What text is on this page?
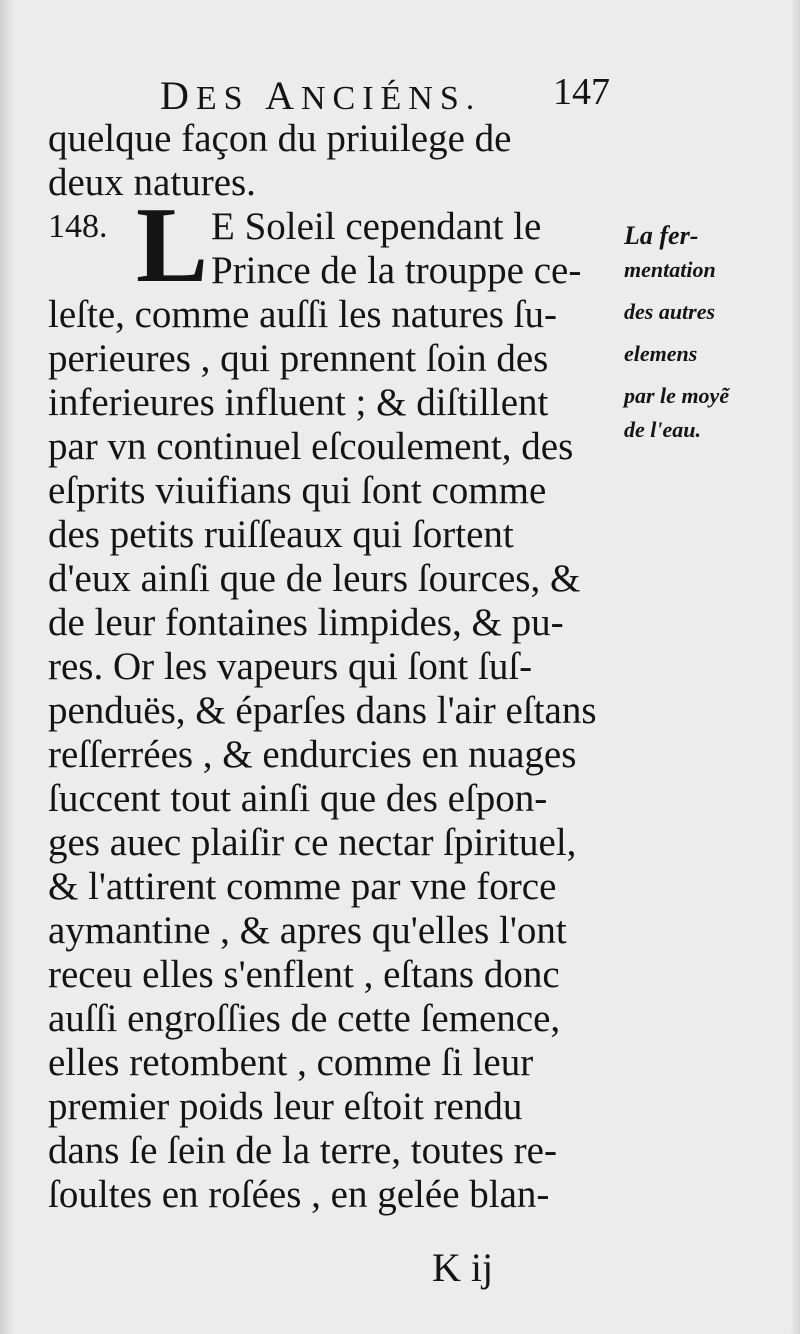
DES ANCIÉNS. 147
148. L
quelque façon du priuilege de
deux natures.
E Soleil cependant le
Prince de la trouppe ce-
leſte, comme auſſi les natures ſu-
perieures , qui prennent ſoin des
inferieures influent ; & diſtillent
par vn continuel eſcoulement, des
eſprits viuifians qui ſont comme
des petits ruiſſeaux qui ſortent
d'eux ainſi que de leurs ſources, &
de leur fontaines limpides, & pu-
res. Or les vapeurs qui ſont ſuſ-
penduës, & éparſes dans l'air eſtans
reſſerrées , & endurcies en nuages
ſuccent tout ainſi que des eſpon-
ges auec plaiſir ce nectar ſpirituel,
& l'attirent comme par vne force
aymantine , & apres qu'elles l'ont
receu elles s'enflent , eſtans donc
auſſi engroſſies de cette ſemence,
elles retombent , comme ſi leur
premier poids leur eſtoit rendu
dans ſe ſein de la terre, toutes re-
ſoultes en roſées , en gelée blan-
La fer-
mentation
des autres
elemens
par le moyẽ
de l'eau.
K ij
